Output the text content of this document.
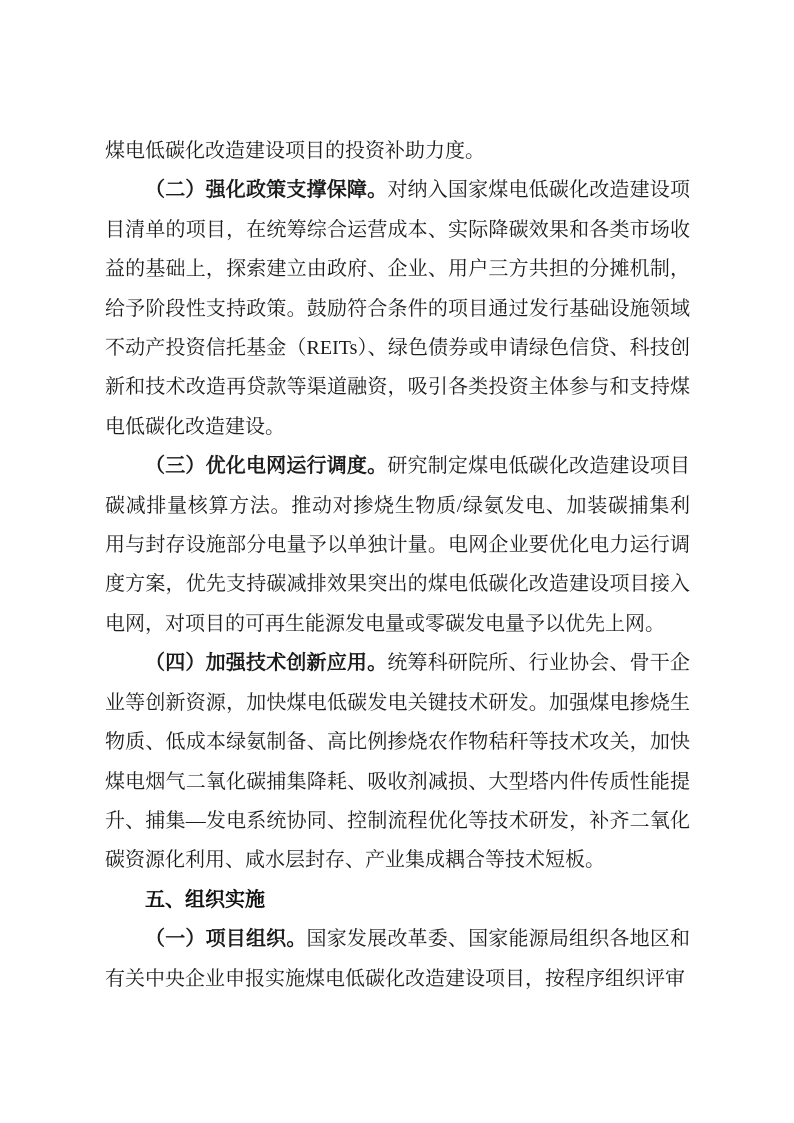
煤电低碳化改造建设项目的投资补助力度。

（二）强化政策支撑保障。对纳入国家煤电低碳化改造建设项目清单的项目，在统筹综合运营成本、实际降碳效果和各类市场收益的基础上，探索建立由政府、企业、用户三方共担的分摊机制，给予阶段性支持政策。鼓励符合条件的项目通过发行基础设施领域不动产投资信托基金（REITs）、绿色债券或申请绿色信贷、科技创新和技术改造再贷款等渠道融资，吸引各类投资主体参与和支持煤电低碳化改造建设。

（三）优化电网运行调度。研究制定煤电低碳化改造建设项目碳减排量核算方法。推动对掺烧生物质/绿氨发电、加装碳捕集利用与封存设施部分电量予以单独计量。电网企业要优化电力运行调度方案，优先支持碳减排效果突出的煤电低碳化改造建设项目接入电网，对项目的可再生能源发电量或零碳发电量予以优先上网。

（四）加强技术创新应用。统筹科研院所、行业协会、骨干企业等创新资源，加快煤电低碳发电关键技术研发。加强煤电掺烧生物质、低成本绿氨制备、高比例掺烧农作物秸秆等技术攻关，加快煤电烟气二氧化碳捕集降耗、吸收剂减损、大型塔内件传质性能提升、捕集—发电系统协同、控制流程优化等技术研发，补齐二氧化碳资源化利用、咸水层封存、产业集成耦合等技术短板。

五、组织实施

（一）项目组织。国家发展改革委、国家能源局组织各地区和有关中央企业申报实施煤电低碳化改造建设项目，按程序组织评审
